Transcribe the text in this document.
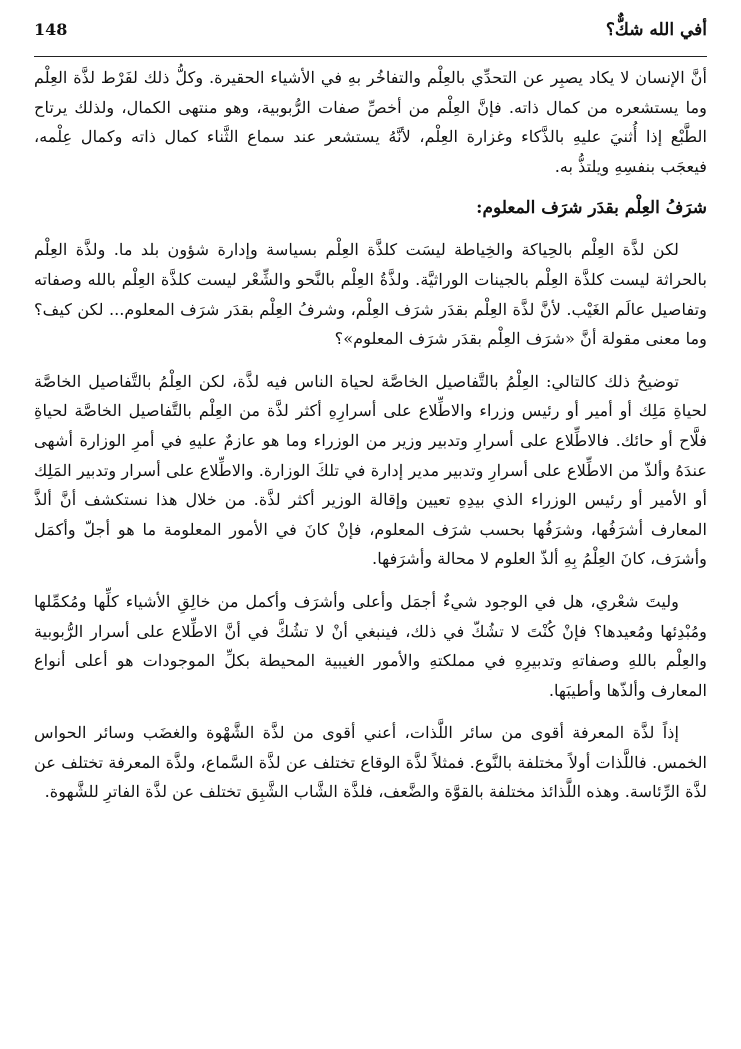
أفي الله شكٌّ؟
148

أنَّ الإنسان لا يكاد يصبِر عن التحدِّي بالعِلْم والتفاخُر بهِ في الأشياء الحقيرة. وكلُّ ذلك لفَرْط لذَّة العِلْم وما يستشعره من كمال ذاته. فإنَّ العِلْم من أخصِّ صفات الرُّبوبية، وهو منتهى الكمال، ولذلك يرتاح الطَّبْع إذا أُثنيَ عليهِ بالذَّكاء وغزارة العِلْم، لأنَّهُ يستشعر عند سماع الثَّناء كمال ذاته وكمال عِلْمه، فيعجَب بنفسِهِ ويلتذُّ به.

شرَفُ العِلْم بقدَر شرَف المعلوم:

لكن لذَّة العِلْم بالحِياكة والخِياطة ليسَت كلذَّة العِلْم بسياسة وإدارة شؤون بلد ما. ولذَّة العِلْم بالحراثة ليست كلذَّة العِلْم بالجينات الوراثيَّة. ولذَّةُ العِلْم بالنَّحو والشِّعْر ليست كلذَّة العِلْم بالله وصفاته وتفاصيل عالَم الغَيْب. لأنَّ لذَّة العِلْم بقدَر شرَف العِلْم، وشرفُ العِلْم بقدَر شرَف المعلوم... لكن كيف؟ وما معنى مقولة أنَّ «شرَف العِلْم بقدَر شرَف المعلوم»؟

توضيحُ ذلك كالتالي: العِلْمُ بالتَّفاصيل الخاصَّة لحياة الناس فيه لذَّة، لكن العِلْمُ بالتَّفاصيل الخاصَّة لحياةِ مَلِك أو أمير أو رئيس وزراء والاطِّلاع على أسرارِهِ أكثر لذَّة من العِلْم بالتَّفاصيل الخاصَّة لحياةِ فلَّاح أو حائك. فالاطِّلاع على أسرارِ وتدبير وزير من الوزراء وما هو عازمٌ عليهِ في أمرِ الوزارة أشهى عندَهُ وألذّ من الاطِّلاع على أسرارِ وتدبير مدير إدارة في تلكَ الوزارة. والاطِّلاع على أسرار وتدبير المَلِك أو الأمير أو رئيس الوزراء الذي بيدِهِ تعيين وإقالة الوزير أكثر لذَّة. من خلال هذا نستكشف أنَّ ألذَّ المعارف أشرَفُها، وشرَفُها بحسب شرَف المعلوم، فإنْ كانَ في الأمور المعلومة ما هو أجلّ وأكمَل وأشرَف، كانَ العِلْمُ بِهِ ألذّ العلوم لا محالة وأشرَفها.

وليتَ شعْري، هل في الوجود شيءٌ أجمَل وأعلى وأشرَف وأكمل من خالِقِ الأشياء كلِّها ومُكمِّلها ومُبْدِئها ومُعيدها؟ فإنْ كُنْتَ لا تشُكّ في ذلك، فينبغي أنْ لا تشُكَّ في أنَّ الاطِّلاع على أسرار الرُّبوبية والعِلْم باللهِ وصفاتهِ وتدبيرِهِ في مملكتهِ والأمور الغيبية المحيطة بكلِّ الموجودات هو أعلى أنواع المعارف وألذّها وأطيبَها.

إذاً لذَّة المعرفة أقوى من سائر اللَّذات، أعني أقوى من لذَّة الشَّهْوة والغضَب وسائر الحواس الخمس. فاللَّذات أولاً مختلفة بالنَّوع. فمثلاً لذَّة الوقاع تختلف عن لذَّة السَّماع، ولذَّة المعرفة تختلف عن لذَّة الرِّئاسة. وهذه اللَّذائذ مختلفة بالقوَّة والضَّعف، فلذَّة الشَّاب الشَّبِق تختلف عن لذَّة الفاترِ للشَّهوة.
